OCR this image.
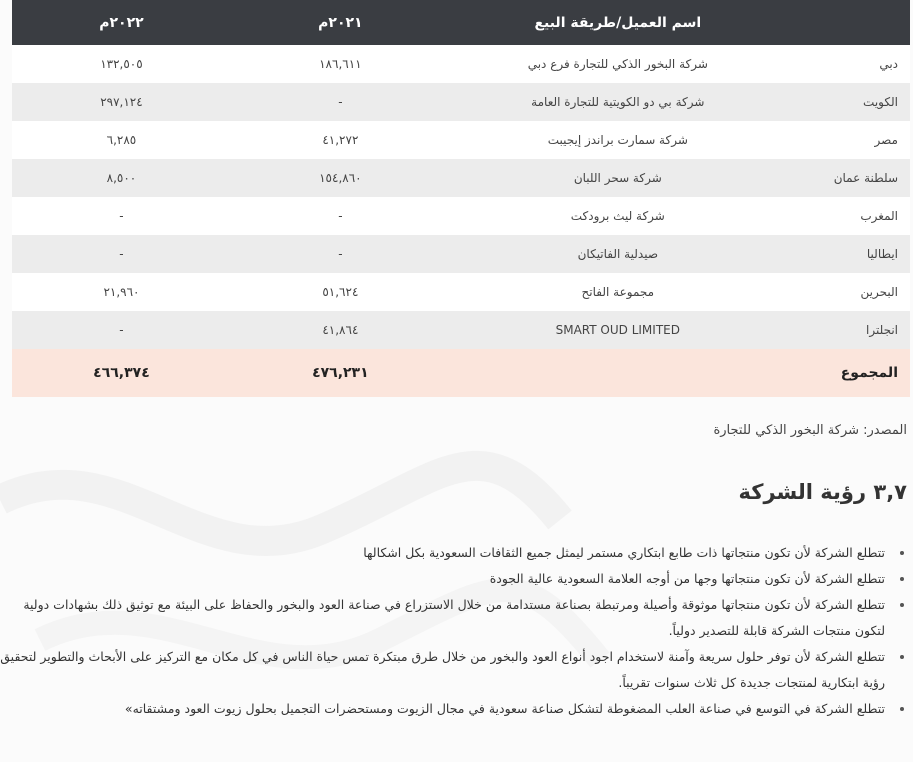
	اسم العميل/طريقة البيع	٢٠٢١م	٢٠٢٢م
دبي	شركة البخور الذكي للتجارة فرع دبي	١٨٦,٦١١	١٣٢,٥٠٥
الكويت	شركة بي دو الكويتية للتجارة العامة	-	٢٩٧,١٢٤
مصر	شركة سمارت براندز إيجيبت	٤١,٢٧٢	٦,٢٨٥
سلطنة عمان	شركة سحر اللبان	١٥٤,٨٦٠	٨,٥٠٠
المغرب	شركة ليث برودكت	-	-
ايطاليا	صيدلية الفاتيكان	-	-
البحرين	مجموعة الفاتح	٥١,٦٢٤	٢١,٩٦٠
انجلترا	SMART OUD LIMITED	٤١,٨٦٤	-
المجموع		٤٧٦,٢٣١	٤٦٦,٣٧٤
المصدر: شركة البخور الذكي للتجارة
٣,٧ رؤية الشركة
• تتطلع الشركة لأن تكون منتجاتها ذات طابع ابتكاري مستمر ليمثل جميع الثقافات السعودية بكل اشكالها
• تتطلع الشركة لأن تكون منتجاتها وجها من أوجه العلامة السعودية عالية الجودة
• تتطلع الشركة لأن تكون منتجاتها موثوقة وأصيلة ومرتبطة بصناعة مستدامة من خلال الاستزراع في صناعة العود والبخور والحفاظ على البيئة مع توثيق ذلك بشهادات دولية لتكون منتجات الشركة قابلة للتصدير دولياً.
• تتطلع الشركة لأن توفر حلول سريعة وآمنة لاستخدام اجود أنواع العود والبخور من خلال طرق مبتكرة تمس حياة الناس في كل مكان مع التركيز على الأبحاث والتطوير لتحقيق رؤية ابتكارية لمنتجات جديدة كل ثلاث سنوات تقريباً.
• تتطلع الشركة في التوسع في صناعة العلب المضغوطة لتشكل صناعة سعودية في مجال الزيوت ومستحضرات التجميل بحلول زيوت العود ومشتقاته»
